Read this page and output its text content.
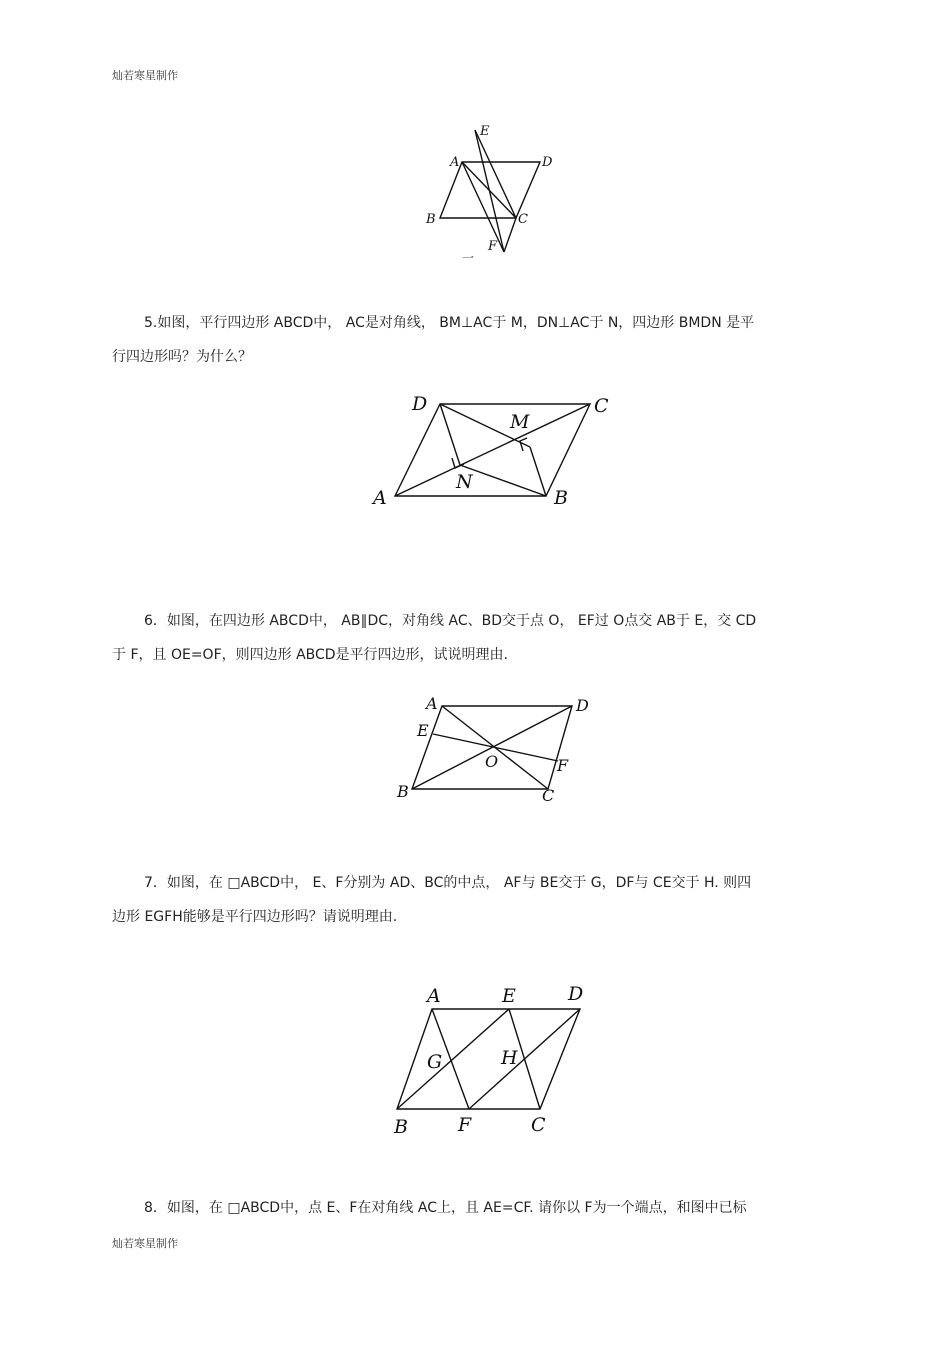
灿若寒星制作
E
A	D
B	C
F
一
5.如图，平行四边形 ABCD中， AC是对角线， BM⊥AC于 M，DN⊥AC于 N，四边形 BMDN 是平
行四边形吗？为什么？
D	C
M
N
A	B
6．如图，在四边形 ABCD中， AB∥DC，对角线 AC、BD交于点 O， EF过 O点交 AB于 E，交 CD
于 F，且 OE=OF，则四边形 ABCD是平行四边形，试说明理由.
A	D
E
O	F
B	C
7．如图，在 □ABCD中， E、F分别为 AD、BC的中点， AF与 BE交于 G，DF与 CE交于 H. 则四
边形 EGFH能够是平行四边形吗？请说明理由.
A	E	D
G	H
B	F	C
8．如图，在 □ABCD中，点 E、F在对角线 AC上，且 AE=CF. 请你以 F为一个端点，和图中已标
灿若寒星制作
